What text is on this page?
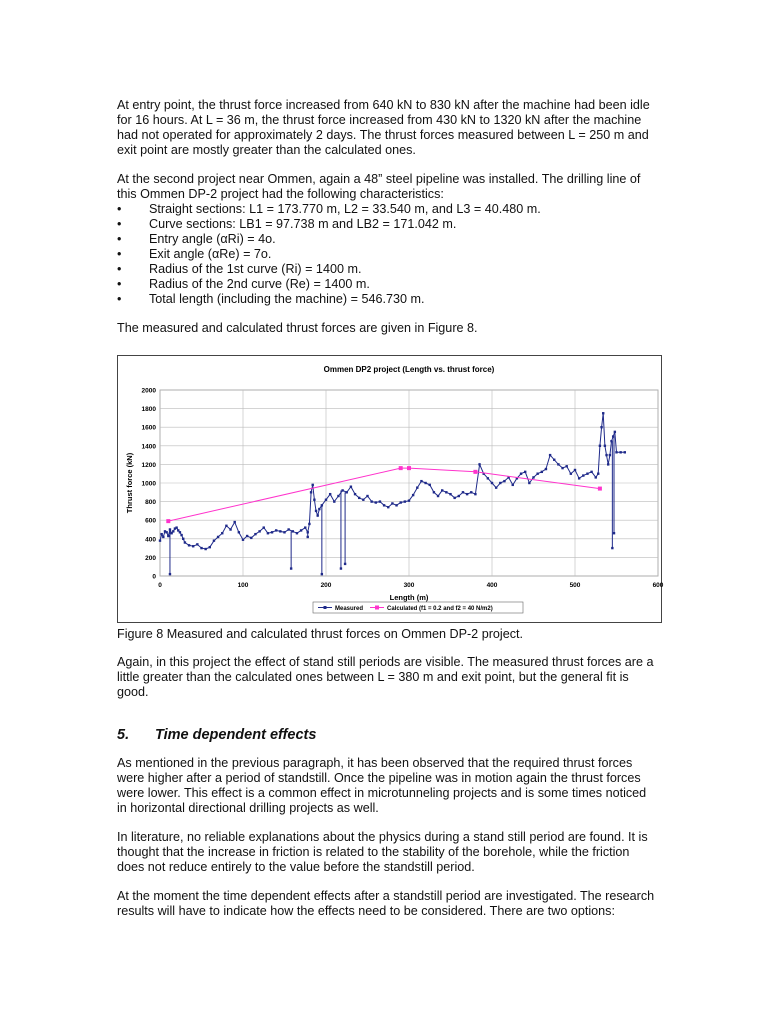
At entry point, the thrust force increased from 640 kN to 830 kN after the machine had been idle for 16 hours. At L = 36 m, the thrust force increased from 430 kN to 1320 kN after the machine had not operated for approximately 2 days. The thrust forces measured between L = 250 m and exit point are mostly greater than the calculated ones.

At the second project near Ommen, again a 48” steel pipeline was installed. The drilling line of this Ommen DP-2 project had the following characteristics:

• Straight sections: L1 = 173.770 m, L2 = 33.540 m, and L3 = 40.480 m.
• Curve sections: LB1 = 97.738 m and LB2 = 171.042 m.
• Entry angle (αRi) = 4o.
• Exit angle (αRe) = 7o.
• Radius of the 1st curve (Ri) = 1400 m.
• Radius of the 2nd curve (Re) = 1400 m.
• Total length (including the machine) = 546.730 m.

The measured and calculated thrust forces are given in Figure 8.

Ommen DP2 project (Length vs. thrust force)
0
200
400
600
800
1000
1200
1400
1600
1800
2000
0	100	200	300	400	500	600
Length (m)
Thrust force (kN)
Measured	Calculated (f1 = 0.2 and f2 = 40 N/m2)

Figure 8 Measured and calculated thrust forces on Ommen DP-2 project.

Again, in this project the effect of stand still periods are visible. The measured thrust forces are a little greater than the calculated ones between L = 380 m and exit point, but the general fit is good.

5. Time dependent effects

As mentioned in the previous paragraph, it has been observed that the required thrust forces were higher after a period of standstill. Once the pipeline was in motion again the thrust forces were lower. This effect is a common effect in microtunneling projects and is some times noticed in horizontal directional drilling projects as well.

In literature, no reliable explanations about the physics during a stand still period are found. It is thought that the increase in friction is related to the stability of the borehole, while the friction does not reduce entirely to the value before the standstill period.

At the moment the time dependent effects after a standstill period are investigated. The research results will have to indicate how the effects need to be considered. There are two options:
